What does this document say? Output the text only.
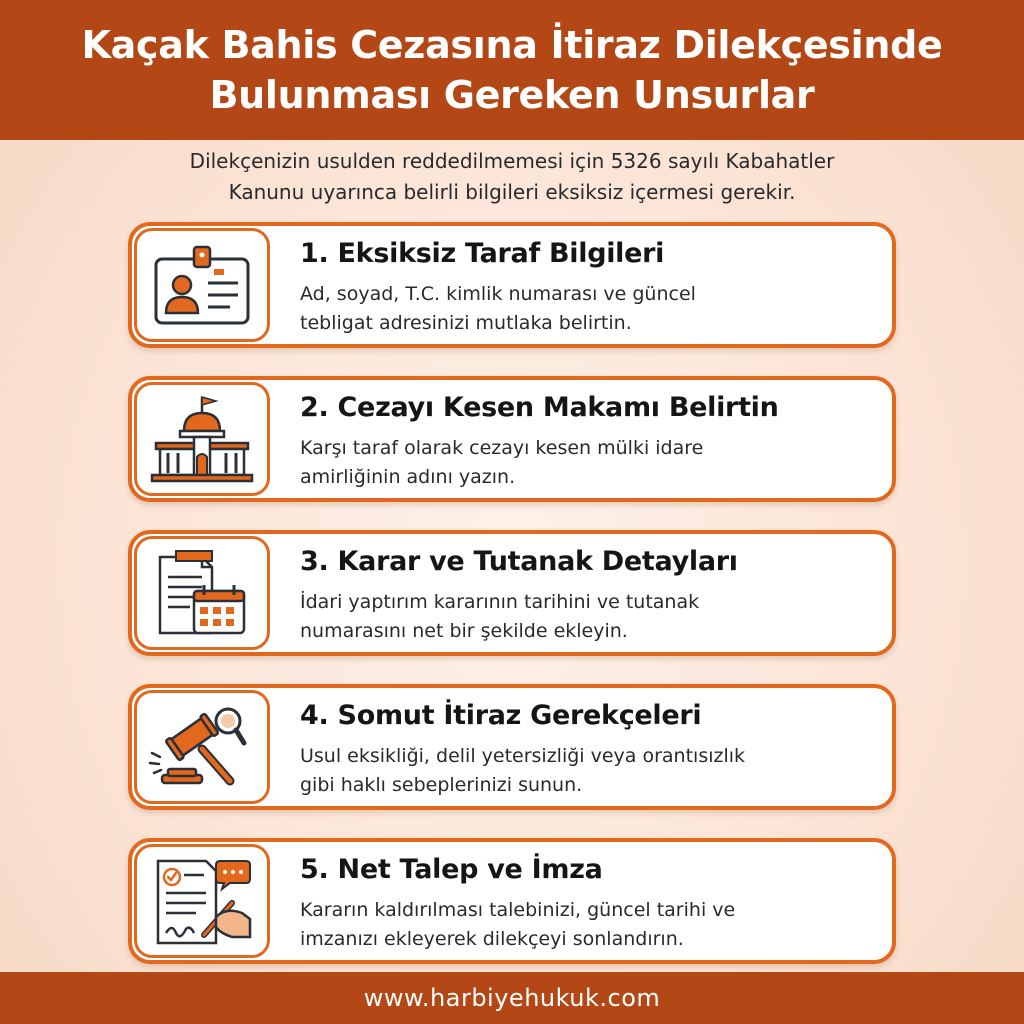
Kaçak Bahis Cezasına İtiraz Dilekçesinde
Bulunması Gereken Unsurlar
Dilekçenizin usulden reddedilmemesi için 5326 sayılı Kabahatler
Kanunu uyarınca belirli bilgileri eksiksiz içermesi gerekir.
1. Eksiksiz Taraf Bilgileri
Ad, soyad, T.C. kimlik numarası ve güncel
tebligat adresinizi mutlaka belirtin.
2. Cezayı Kesen Makamı Belirtin
Karşı taraf olarak cezayı kesen mülki idare
amirliğinin adını yazın.
3. Karar ve Tutanak Detayları
İdari yaptırım kararının tarihini ve tutanak
numarasını net bir şekilde ekleyin.
4. Somut İtiraz Gerekçeleri
Usul eksikliği, delil yetersizliği veya orantısızlık
gibi haklı sebeplerinizi sunun.
5. Net Talep ve İmza
Kararın kaldırılması talebinizi, güncel tarihi ve
imzanızı ekleyerek dilekçeyi sonlandırın.
www.harbiyehukuk.com
